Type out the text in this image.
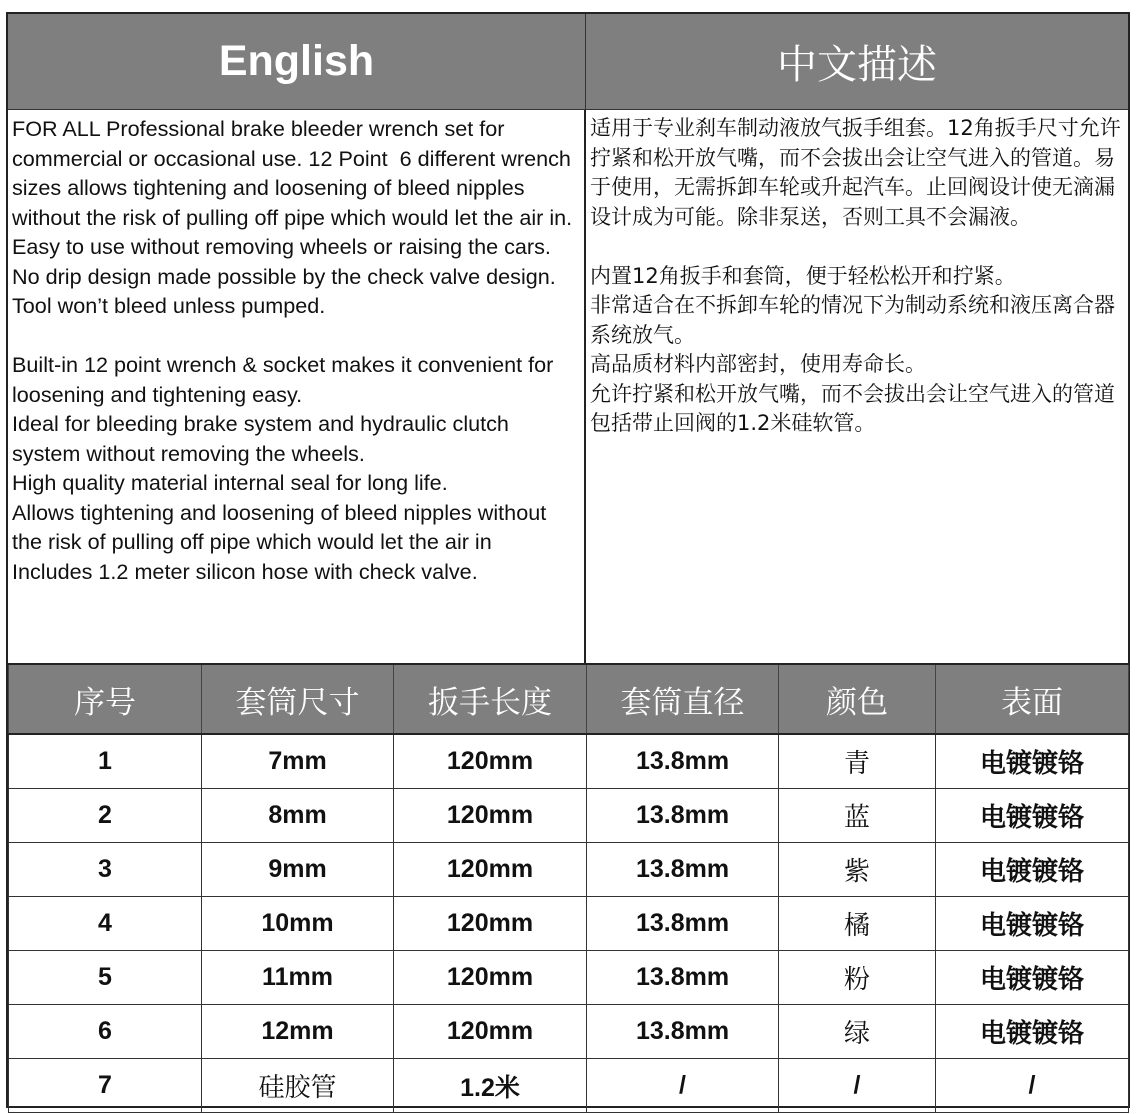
English	中文描述
FOR ALL Professional brake bleeder wrench set for commercial or occasional use. 12 Point  6 different wrench sizes allows tightening and loosening of bleed nipples without the risk of pulling off pipe which would let the air in. Easy to use without removing wheels or raising the cars. No drip design made possible by the check valve design. Tool won’t bleed unless pumped.

Built-in 12 point wrench & socket makes it convenient for loosening and tightening easy.
Ideal for bleeding brake system and hydraulic clutch system without removing the wheels.
High quality material internal seal for long life.
Allows tightening and loosening of bleed nipples without the risk of pulling off pipe which would let the air in
Includes 1.2 meter silicon hose with check valve.
适用于专业刹车制动液放气扳手组套。12角扳手尺寸允许拧紧和松开放气嘴，而不会拔出会让空气进入的管道。易于使用，无需拆卸车轮或升起汽车。止回阀设计使无滴漏设计成为可能。除非泵送，否则工具不会漏液。

内置12角扳手和套筒，便于轻松松开和拧紧。
非常适合在不拆卸车轮的情况下为制动系统和液压离合器系统放气。
高品质材料内部密封，使用寿命长。
允许拧紧和松开放气嘴，而不会拔出会让空气进入的管道
包括带止回阀的1.2米硅软管。
序号	套筒尺寸	扳手长度	套筒直径	颜色	表面
1	7mm	120mm	13.8mm	青	电镀镀铬
2	8mm	120mm	13.8mm	蓝	电镀镀铬
3	9mm	120mm	13.8mm	紫	电镀镀铬
4	10mm	120mm	13.8mm	橘	电镀镀铬
5	11mm	120mm	13.8mm	粉	电镀镀铬
6	12mm	120mm	13.8mm	绿	电镀镀铬
7	硅胶管	1.2米	/	/	/
